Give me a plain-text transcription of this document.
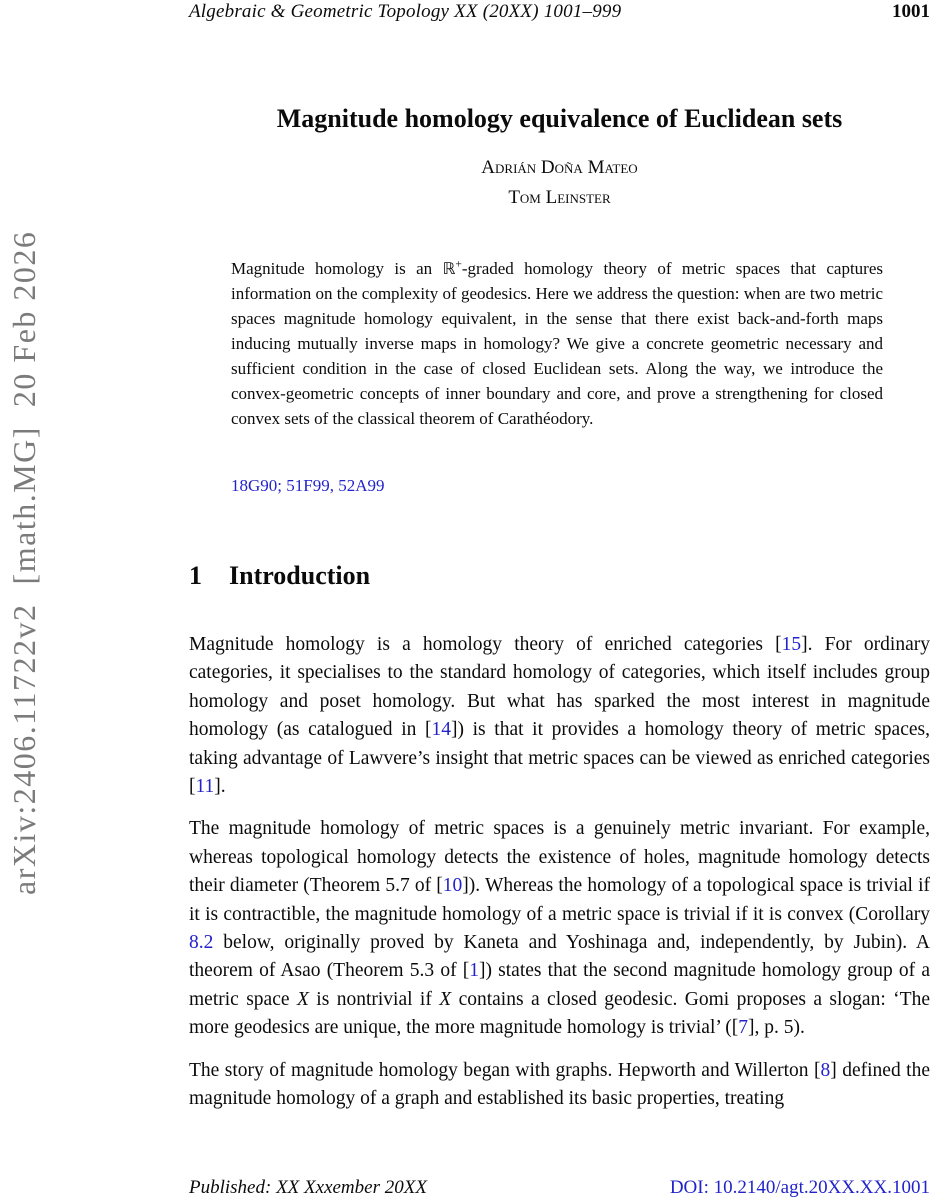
Algebraic & Geometric Topology XX (20XX) 1001–999	1001
arXiv:2406.11722v2  [math.MG]  20 Feb 2026
Magnitude homology equivalence of Euclidean sets
Adrián Doña Mateo
Tom Leinster
Magnitude homology is an ℝ+-graded homology theory of metric spaces that captures information on the complexity of geodesics. Here we address the question: when are two metric spaces magnitude homology equivalent, in the sense that there exist back-and-forth maps inducing mutually inverse maps in homology? We give a concrete geometric necessary and sufficient condition in the case of closed Euclidean sets. Along the way, we introduce the convex-geometric concepts of inner boundary and core, and prove a strengthening for closed convex sets of the classical theorem of Carathéodory.
18G90; 51F99, 52A99
1 Introduction

Magnitude homology is a homology theory of enriched categories [15]. For ordinary categories, it specialises to the standard homology of categories, which itself includes group homology and poset homology. But what has sparked the most interest in magnitude homology (as catalogued in [14]) is that it provides a homology theory of metric spaces, taking advantage of Lawvere’s insight that metric spaces can be viewed as enriched categories [11].

The magnitude homology of metric spaces is a genuinely metric invariant. For example, whereas topological homology detects the existence of holes, magnitude homology detects their diameter (Theorem 5.7 of [10]). Whereas the homology of a topological space is trivial if it is contractible, the magnitude homology of a metric space is trivial if it is convex (Corollary 8.2 below, originally proved by Kaneta and Yoshinaga and, independently, by Jubin). A theorem of Asao (Theorem 5.3 of [1]) states that the second magnitude homology group of a metric space X is nontrivial if X contains a closed geodesic. Gomi proposes a slogan: ‘The more geodesics are unique, the more magnitude homology is trivial’ ([7], p. 5).

The story of magnitude homology began with graphs. Hepworth and Willerton [8] defined the magnitude homology of a graph and established its basic properties, treating

Published: XX Xxxember 20XX	DOI: 10.2140/agt.20XX.XX.1001
